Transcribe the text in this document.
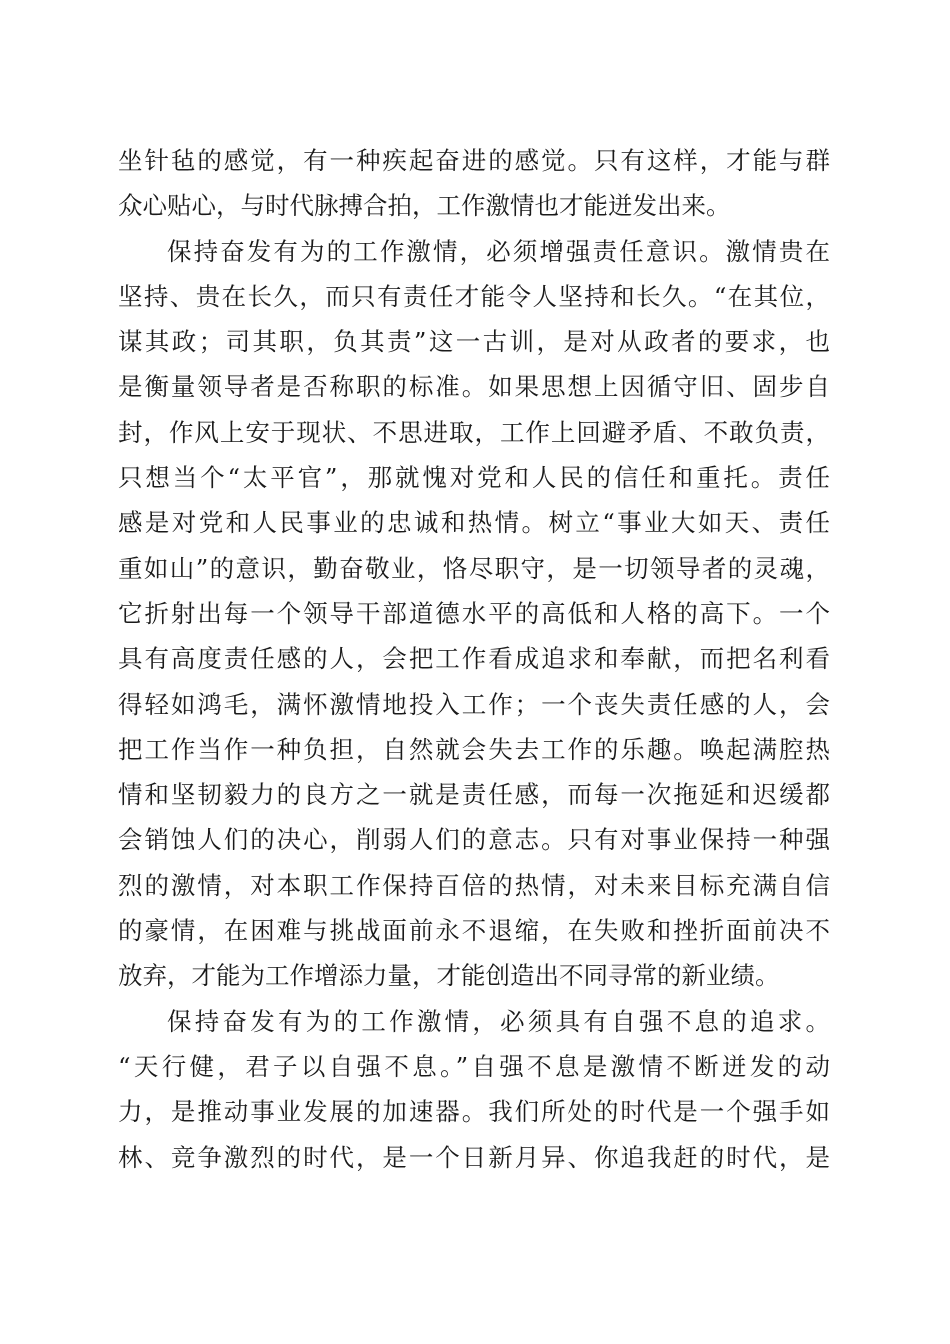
坐针毡的感觉，有一种疾起奋进的感觉。只有这样，才能与群
众心贴心，与时代脉搏合拍，工作激情也才能迸发出来。
保持奋发有为的工作激情，必须增强责任意识。激情贵在
坚持、贵在长久，而只有责任才能令人坚持和长久。“在其位，
谋其政；司其职，负其责”这一古训，是对从政者的要求，也
是衡量领导者是否称职的标准。如果思想上因循守旧、固步自
封，作风上安于现状、不思进取，工作上回避矛盾、不敢负责，
只想当个“太平官”，那就愧对党和人民的信任和重托。责任
感是对党和人民事业的忠诚和热情。树立“事业大如天、责任
重如山”的意识，勤奋敬业，恪尽职守，是一切领导者的灵魂，
它折射出每一个领导干部道德水平的高低和人格的高下。一个
具有高度责任感的人，会把工作看成追求和奉献，而把名利看
得轻如鸿毛，满怀激情地投入工作；一个丧失责任感的人，会
把工作当作一种负担，自然就会失去工作的乐趣。唤起满腔热
情和坚韧毅力的良方之一就是责任感，而每一次拖延和迟缓都
会销蚀人们的决心，削弱人们的意志。只有对事业保持一种强
烈的激情，对本职工作保持百倍的热情，对未来目标充满自信
的豪情，在困难与挑战面前永不退缩，在失败和挫折面前决不
放弃，才能为工作增添力量，才能创造出不同寻常的新业绩。
保持奋发有为的工作激情，必须具有自强不息的追求。
“天行健，君子以自强不息。”自强不息是激情不断迸发的动
力，是推动事业发展的加速器。我们所处的时代是一个强手如
林、竞争激烈的时代，是一个日新月异、你追我赶的时代，是
